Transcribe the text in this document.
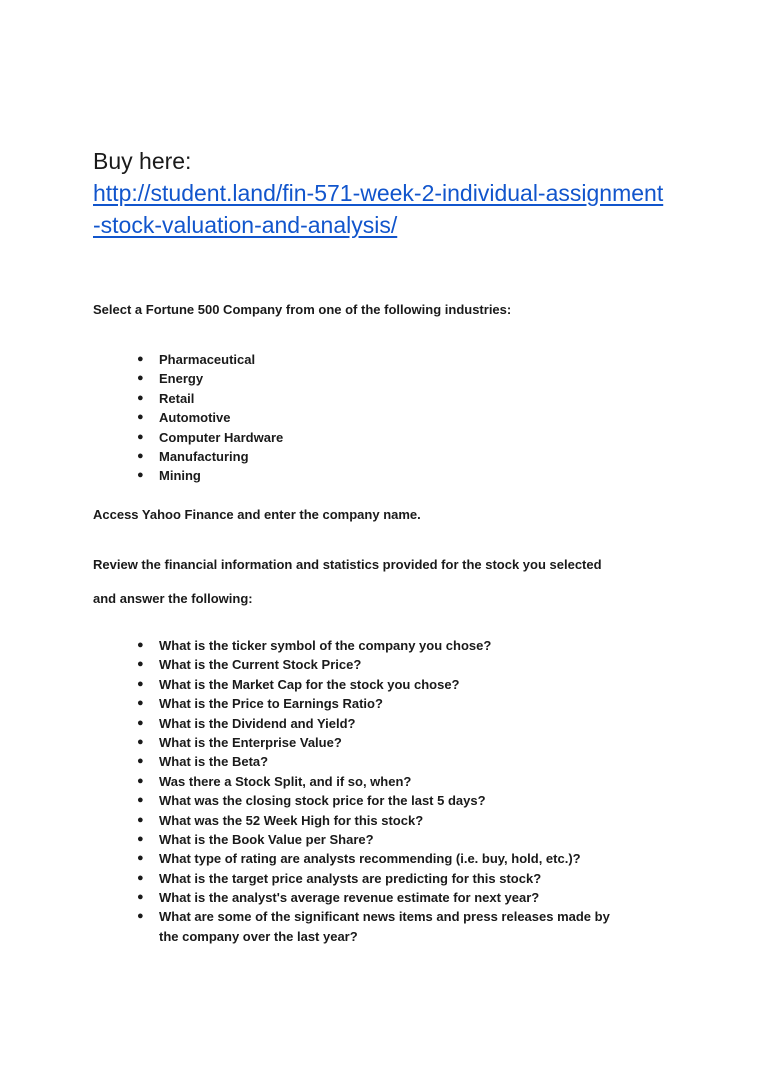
Buy here:
http://student.land/fin-571-week-2-individual-assignment
-stock-valuation-and-analysis/
Select a Fortune 500 Company from one of the following industries:
● Pharmaceutical
● Energy
● Retail
● Automotive
● Computer Hardware
● Manufacturing
● Mining
Access Yahoo Finance and enter the company name.
Review the financial information and statistics provided for the stock you selected
and answer the following:
● What is the ticker symbol of the company you chose?
● What is the Current Stock Price?
● What is the Market Cap for the stock you chose?
● What is the Price to Earnings Ratio?
● What is the Dividend and Yield?
● What is the Enterprise Value?
● What is the Beta?
● Was there a Stock Split, and if so, when?
● What was the closing stock price for the last 5 days?
● What was the 52 Week High for this stock?
● What is the Book Value per Share?
● What type of rating are analysts recommending (i.e. buy, hold, etc.)?
● What is the target price analysts are predicting for this stock?
● What is the analyst's average revenue estimate for next year?
● What are some of the significant news items and press releases made by
the company over the last year?
